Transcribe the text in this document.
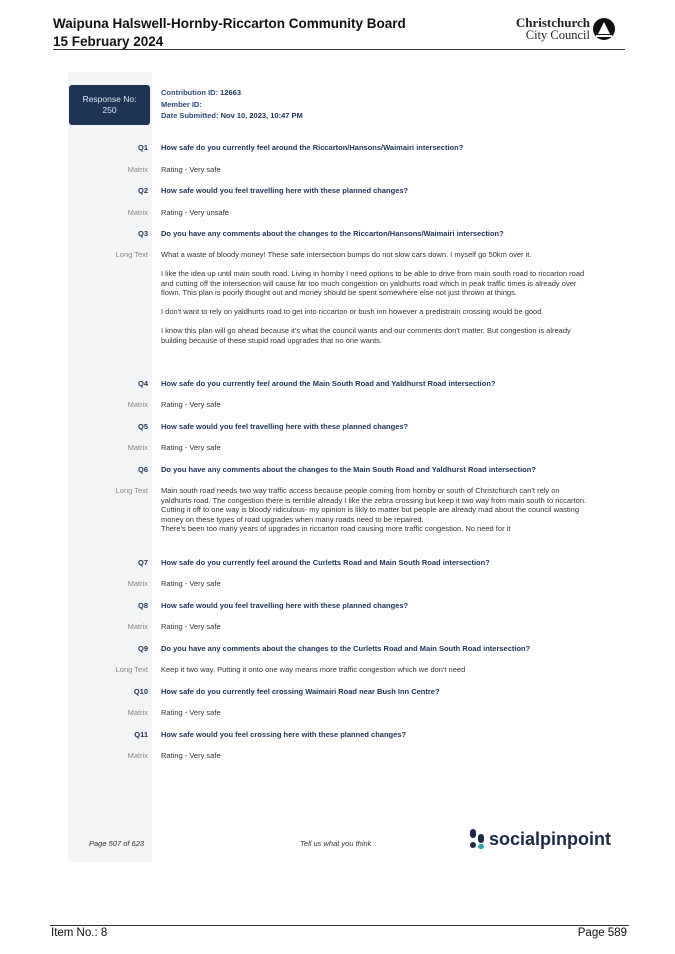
Waipuna Halswell-Hornby-Riccarton Community Board
15 February 2024
Christchurch
City Council
Response No:
250
Contribution ID: 12663
Member ID:
Date Submitted: Nov 10, 2023, 10:47 PM
Q1 How safe do you currently feel around the Riccarton/Hansons/Waimairi intersection?
Matrix Rating - Very safe
Q2 How safe would you feel travelling here with these planned changes?
Matrix Rating - Very unsafe
Q3 Do you have any comments about the changes to the Riccarton/Hansons/Waimairi intersection?
Long Text What a waste of bloody money! These safe intersection bumps do not slow cars down. I myself go 50km over it.

I like the idea up until main south road. Living in hornby I need options to be able to drive from main south road to riccarton road and cutting off the intersection will cause far too much congestion on yaldhurts road which in peak traffic times is already over flown. This plan is poorly thought out and money should be spent somewhere else not just thrown at things.

I don't want to rely on yaldhurts road to get into riccarton or bush inn however a predistrain crossing would be good.

I know this plan will go ahead because it's what the council wants and our comments don't matter. But congestion is already building because of these stupid road upgrades that no one wants.

Q4 How safe do you currently feel around the Main South Road and Yaldhurst Road intersection?
Matrix Rating - Very safe
Q5 How safe would you feel travelling here with these planned changes?
Matrix Rating - Very safe
Q6 Do you have any comments about the changes to the Main South Road and Yaldhurst Road intersection?
Long Text Main south road needs two way traffic access because people coming from hornby or south of Christchurch can't rely on yaldhurts road. The congestion there is terrible already I like the zebra crossing but keep it two way from main south to riccarton. Cutting it off to one way is bloody ridiculous- my opinion is likly to matter but people are already mad about the council wasting money on these types of road upgrades when many roads need to be repaired.
There's been too many years of upgrades in riccarton road causing more traffic congestion. No need for it
Q7 How safe do you currently feel around the Curletts Road and Main South Road intersection?
Matrix Rating - Very safe
Q8 How safe would you feel travelling here with these planned changes?
Matrix Rating - Very safe
Q9 Do you have any comments about the changes to the Curletts Road and Main South Road intersection?
Long Text Keep it two way. Putting it onto one way means more traffic congestion which we don't need
Q10 How safe do you currently feel crossing Waimairi Road near Bush Inn Centre?
Matrix Rating - Very safe
Q11 How safe would you feel crossing here with these planned changes?
Matrix Rating - Very safe
Page 507 of 623	Tell us what you think	socialpinpoint
Item No.: 8	Page 589
